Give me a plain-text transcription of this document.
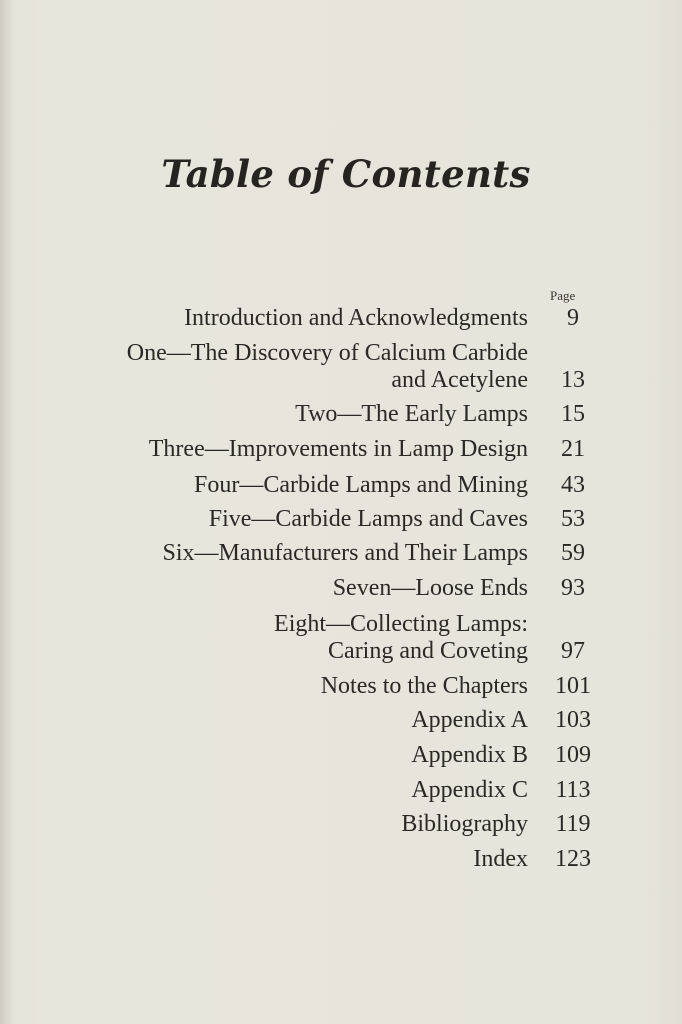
Table of Contents
Page
Introduction and Acknowledgments	9
One—The Discovery of Calcium Carbide
and Acetylene	13
Two—The Early Lamps	15
Three—Improvements in Lamp Design	21
Four—Carbide Lamps and Mining	43
Five—Carbide Lamps and Caves	53
Six—Manufacturers and Their Lamps	59
Seven—Loose Ends	93
Eight—Collecting Lamps:
Caring and Coveting	97
Notes to the Chapters	101
Appendix A	103
Appendix B	109
Appendix C	113
Bibliography	119
Index	123
